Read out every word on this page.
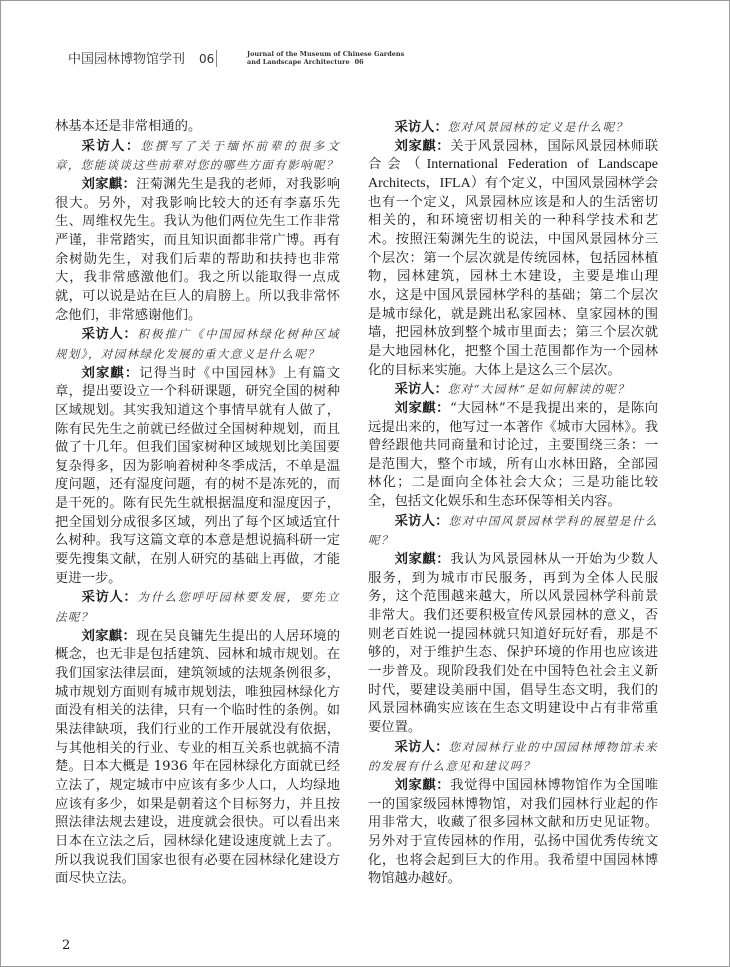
中国园林博物馆学刊 06	Journal of the Museum of Chinese Gardens
and Landscape Architecture 06

林基本还是非常相通的。

采访人：您撰写了关于缅怀前辈的很多文章，您能谈谈这些前辈对您的哪些方面有影响呢？

刘家麒：汪菊渊先生是我的老师，对我影响很大。另外，对我影响比较大的还有李嘉乐先生、周维权先生。我认为他们两位先生工作非常严谨，非常踏实，而且知识面都非常广博。再有余树勋先生，对我们后辈的帮助和扶持也非常大，我非常感激他们。我之所以能取得一点成就，可以说是站在巨人的肩膀上。所以我非常怀念他们，非常感谢他们。

采访人：积极推广《中国园林绿化树种区域规划》，对园林绿化发展的重大意义是什么呢？

刘家麒：记得当时《中国园林》上有篇文章，提出要设立一个科研课题，研究全国的树种区域规划。其实我知道这个事情早就有人做了，陈有民先生之前就已经做过全国树种规划，而且做了十几年。但我们国家树种区域规划比美国要复杂得多，因为影响着树种冬季成活，不单是温度问题，还有湿度问题，有的树不是冻死的，而是干死的。陈有民先生就根据温度和湿度因子，把全国划分成很多区域，列出了每个区域适宜什么树种。我写这篇文章的本意是想说搞科研一定要先搜集文献，在别人研究的基础上再做，才能更进一步。

采访人：为什么您呼吁园林要发展，要先立法呢？

刘家麒：现在吴良镛先生提出的人居环境的概念，也无非是包括建筑、园林和城市规划。在我们国家法律层面，建筑领域的法规条例很多，城市规划方面则有城市规划法，唯独园林绿化方面没有相关的法律，只有一个临时性的条例。如果法律缺项，我们行业的工作开展就没有依据，与其他相关的行业、专业的相互关系也就搞不清楚。日本大概是 1936 年在园林绿化方面就已经立法了，规定城市中应该有多少人口，人均绿地应该有多少，如果是朝着这个目标努力，并且按照法律法规去建设，进度就会很快。可以看出来日本在立法之后，园林绿化建设速度就上去了。所以我说我们国家也很有必要在园林绿化建设方面尽快立法。

采访人：您对风景园林的定义是什么呢？

刘家麒：关于风景园林，国际风景园林师联合会（International Federation of Landscape Architects，IFLA）有个定义，中国风景园林学会也有一个定义，风景园林应该是和人的生活密切相关的，和环境密切相关的一种科学技术和艺术。按照汪菊渊先生的说法，中国风景园林分三个层次：第一个层次就是传统园林，包括园林植物，园林建筑，园林土木建设，主要是堆山理水，这是中国风景园林学科的基础；第二个层次是城市绿化，就是跳出私家园林、皇家园林的围墙，把园林放到整个城市里面去；第三个层次就是大地园林化，把整个国土范围都作为一个园林化的目标来实施。大体上是这么三个层次。

采访人：您对“大园林”是如何解读的呢？

刘家麒：“大园林”不是我提出来的，是陈向远提出来的，他写过一本著作《城市大园林》。我曾经跟他共同商量和讨论过，主要围绕三条：一是范围大，整个市域，所有山水林田路，全部园林化；二是面向全体社会大众；三是功能比较全，包括文化娱乐和生态环保等相关内容。

采访人：您对中国风景园林学科的展望是什么呢？

刘家麒：我认为风景园林从一开始为少数人服务，到为城市市民服务，再到为全体人民服务，这个范围越来越大，所以风景园林学科前景非常大。我们还要积极宣传风景园林的意义，否则老百姓说一提园林就只知道好玩好看，那是不够的，对于维护生态、保护环境的作用也应该进一步普及。现阶段我们处在中国特色社会主义新时代，要建设美丽中国，倡导生态文明，我们的风景园林确实应该在生态文明建设中占有非常重要位置。

采访人：您对园林行业的中国园林博物馆未来的发展有什么意见和建议吗？

刘家麒：我觉得中国园林博物馆作为全国唯一的国家级园林博物馆，对我们园林行业起的作用非常大，收藏了很多园林文献和历史见证物。另外对于宣传园林的作用，弘扬中国优秀传统文化，也将会起到巨大的作用。我希望中国园林博物馆越办越好。

2
